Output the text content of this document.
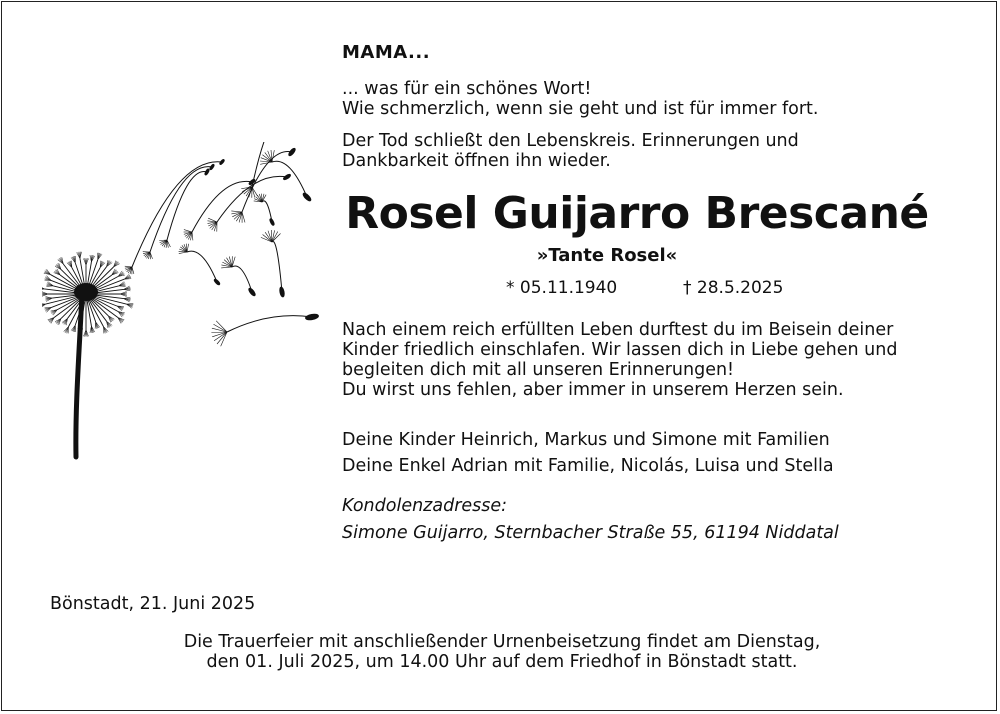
MAMA...
... was für ein schönes Wort!
Wie schmerzlich, wenn sie geht und ist für immer fort.
Der Tod schließt den Lebenskreis. Erinnerungen und
Dankbarkeit öffnen ihn wieder.
Rosel Guijarro Brescané
»Tante Rosel«
* 05.11.1940	† 28.5.2025
Nach einem reich erfüllten Leben durftest du im Beisein deiner
Kinder friedlich einschlafen. Wir lassen dich in Liebe gehen und
begleiten dich mit all unseren Erinnerungen!
Du wirst uns fehlen, aber immer in unserem Herzen sein.
Deine Kinder Heinrich, Markus und Simone mit Familien
Deine Enkel Adrian mit Familie, Nicolás, Luisa und Stella
Kondolenzadresse:
Simone Guijarro, Sternbacher Straße 55, 61194 Niddatal
Bönstadt, 21. Juni 2025
Die Trauerfeier mit anschließender Urnenbeisetzung findet am Dienstag,
den 01. Juli 2025, um 14.00 Uhr auf dem Friedhof in Bönstadt statt.
